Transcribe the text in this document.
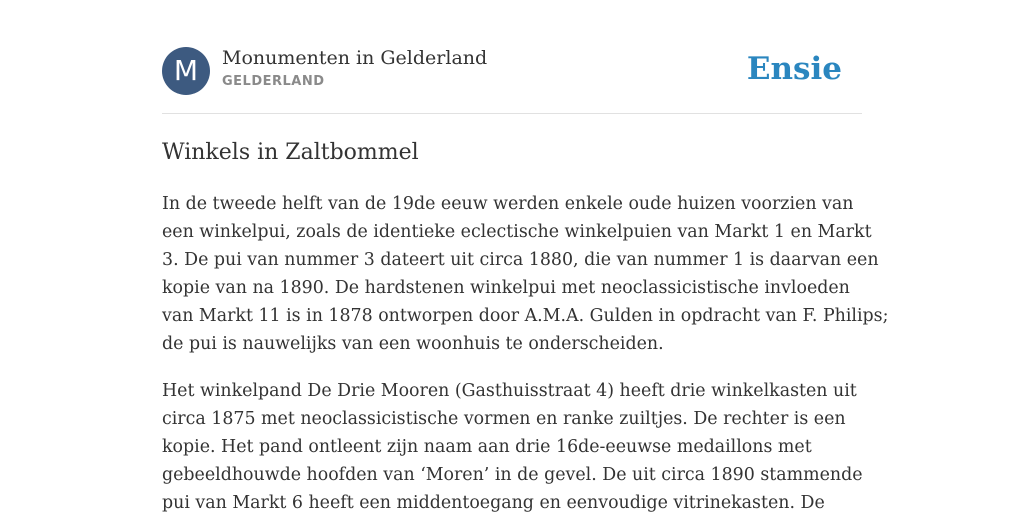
M	Monumenten in Gelderland
GELDERLAND	Ensie
Winkels in Zaltbommel

In de tweede helft van de 19de eeuw werden enkele oude huizen voorzien van
een winkelpui, zoals de identieke eclectische winkelpuien van Markt 1 en Markt
3. De pui van nummer 3 dateert uit circa 1880, die van nummer 1 is daarvan een
kopie van na 1890. De hardstenen winkelpui met neoclassicistische invloeden
van Markt 11 is in 1878 ontworpen door A.M.A. Gulden in opdracht van F. Philips;
de pui is nauwelijks van een woonhuis te onderscheiden.

Het winkelpand De Drie Mooren (Gasthuisstraat 4) heeft drie winkelkasten uit
circa 1875 met neoclassicistische vormen en ranke zuiltjes. De rechter is een
kopie. Het pand ontleent zijn naam aan drie 16de-eeuwse medaillons met
gebeeldhouwde hoofden van ‘Moren’ in de gevel. De uit circa 1890 stammende
pui van Markt 6 heeft een middentoegang en eenvoudige vitrinekasten. De
